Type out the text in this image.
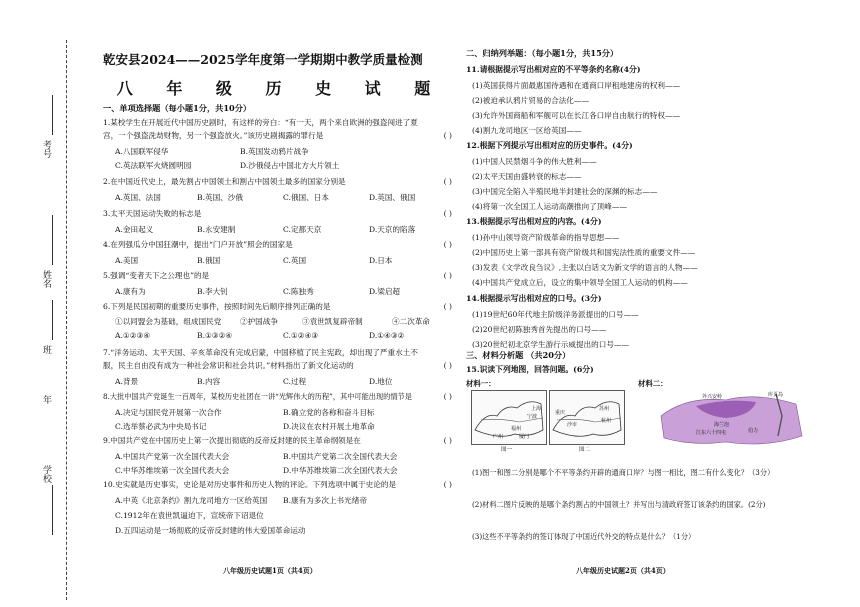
考号
姓名
班
年
学校
乾安县2024——2025学年度第一学期期中教学质量检测
八 年 级 历 史 试 题
一、单项选择题（每小题1分，共10分）
1.某校学生在开展近代中国历史剧时，有这样的旁白：“有一天，两个来自欧洲的强盗闯进了夏
宫，一个强盗洗劫财物，另一个强盗放火。”该历史剧揭露的罪行是	( )
A.八国联军侵华	B.英国发动鸦片战争
C.英法联军火烧圆明园	D.沙俄侵占中国北方大片领土
2.在中国近代史上，最先割占中国领土和割占中国领土最多的国家分别是	( )
A.英国、法国	B.英国、沙俄	C.俄国、日本	D.英国、俄国
3.太平天国运动失败的标志是	( )
A.金田起义	B.永安建制	C.定都天京	D.天京的陷落
4.在列强瓜分中国狂潮中，提出“门户开放”照会的国家是	( )
A.美国	B.俄国	C.英国	D.日本
5.强调“变者天下之公理也”的是	( )
A.康有为	B.李大钊	C.陈独秀	D.梁启超
6.下列是民国初期的重要历史事件，按照时间先后顺序排列正确的是	( )
①以同盟会为基础，组成国民党	②护国战争	③袁世凯复辟帝制	④二次革命
A.①②③④	B.①③②④	C.①②④③	D.①④③②
7.“洋务运动、太平天国、辛亥革命没有完成启蒙，中国移植了民主宪政，却出现了严重水土不
服，民主自由没有成为一种社会常识和社会共识。”材料指出了新文化运动的	( )
A.背景	B.内容	C.过程	D.地位
8.大批中国共产党诞生一百周年，某校历史社团在一讲“光辉伟大的历程”，其中可能出现的情节是	( )
A.决定与国民党开展第一次合作	B.确立党的各称和奋斗目标
C.选举蔡必武为中央局书记	D.决议在农村开展土地革命
9.中国共产党在中国历史上第一次提出彻底的反帝反封建的民主革命纲领是在	( )
A.中国共产党第一次全国代表大会	B.中国共产党第二次全国代表大会
C.中华苏维埃第一次全国代表大会	D.中华苏维埃第二次全国代表大会
10.史实就是历史事实，史论是对历史事件和历史人物的评论。下列选项中属于史论的是	( )
A.中英《北京条约》割九龙司地方一区给英国	B.康有为多次上书光绪帝
C.1912年在袁世凯逼迫下，宣统帝下诏退位
D.五四运动是一场彻底的反帝反封建的伟大爱国革命运动
八年级历史试题1页（共4页）
二、归纳列举题：（每小题1分，共15分）
11.请根据提示写出相对应的不平等条约名称(4分)
(1)英国获得片面最惠国待遇和在通商口岸租地建房的权利——
(2)被迫承认鸦片贸易的合法化——
(3)允许外国商船和军舰可以在长江各口岸自由航行的特权——
(4)割九龙司地区一区给英国——
12.根据下列提示写出相对应的历史事件。(4分)
(1)中国人民禁烟斗争的伟大胜利——
(2)太平天国由盛转衰的标志——
(3)中国完全陷入半殖民地半封建社会的深渊的标志——
(4)将第一次全国工人运动高潮推向了顶峰——
13.根据提示写出相对应的内容。(4分)
(1)孙中山领导资产阶级革命的指导思想——
(2)中国历史上第一部具有资产阶级共和国宪法性质的重要文件——
(3)发表《文学改良刍议》,主张以白话文为新文学的语言的人物——
(4)中国共产党成立后，设立的集中领导全国工人运动的机构——
14.根据提示写出相对应的口号。(3分)
(1)19世纪60年代地主阶级洋务派提出的口号——
(2)20世纪初陈独秀首先提出的口号——
(3)20世纪初北京学生游行示威提出的口号——
三、材料分析题 （共20分）
15.识读下列地图，回答问题。(6分)
材料一：	材料二：
福州
广州	厦门
宁波
上海
重庆
沙市
苏州
杭州
图一	图二
库页岛
外兴安岭
海兰泡
江东六十四屯	伯力
(1)图一和图二分别是哪个不平等条约开辟的通商口岸？与图一相比，图二有什么变化？（3分）
(2)材料二图片反映的是哪个条约割占的中国领土？并写出与清政府签订该条约的国家。(2分)
(3)这些不平等条约的签订体现了中国近代外交的特点是什么？（1分）
八年级历史试题2页（共4页）
